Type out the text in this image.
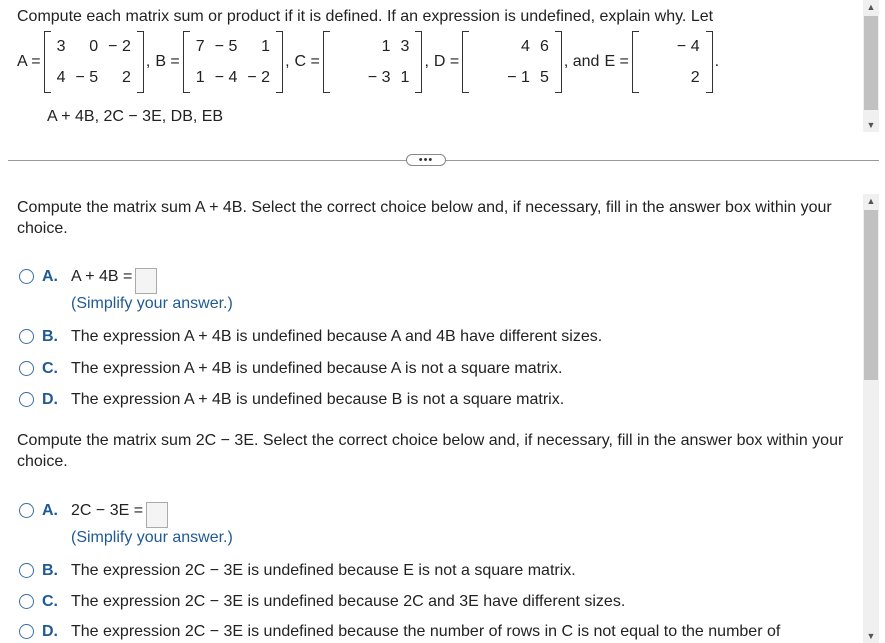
Compute each matrix sum or product if it is defined. If an expression is undefined, explain why. Let
A =
3	0	− 2
4	− 5	2
, B =
7	− 5	1
1	− 4	− 2
, C =
1	3
− 3	1
, D =
4	6
− 1	5
, and E =
− 4
2
.
A + 4B, 2C − 3E, DB, EB
▲
▼
•••
Compute the matrix sum A + 4B. Select the correct choice below and, if necessary, fill in the answer box within your choice.
A. A + 4B =
(Simplify your answer.)
B. The expression A + 4B is undefined because A and 4B have different sizes.
C. The expression A + 4B is undefined because A is not a square matrix.
D. The expression A + 4B is undefined because B is not a square matrix.
Compute the matrix sum 2C − 3E. Select the correct choice below and, if necessary, fill in the answer box within your choice.
A. 2C − 3E =
(Simplify your answer.)
B. The expression 2C − 3E is undefined because E is not a square matrix.
C. The expression 2C − 3E is undefined because 2C and 3E have different sizes.
D. The expression 2C − 3E is undefined because the number of rows in C is not equal to the number of
▲
▼
